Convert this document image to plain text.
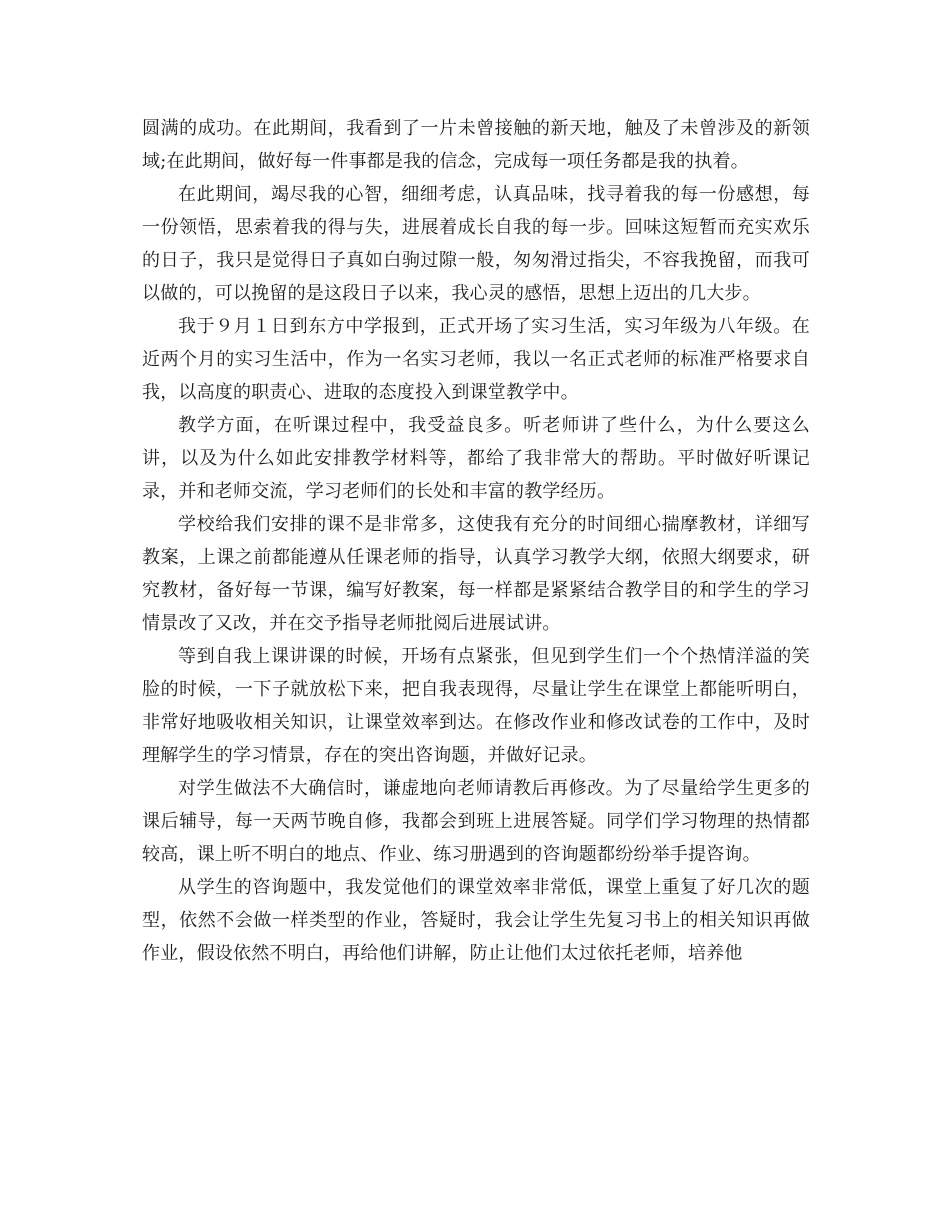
圆满的成功。在此期间，我看到了一片未曾接触的新天地，触及了未曾涉及的新领域;在此期间，做好每一件事都是我的信念，完成每一项任务都是我的执着。

在此期间，竭尽我的心智，细细考虑，认真品味，找寻着我的每一份感想，每一份领悟，思索着我的得与失，进展着成长自我的每一步。回味这短暂而充实欢乐的日子，我只是觉得日子真如白驹过隙一般，匆匆滑过指尖，不容我挽留，而我可以做的，可以挽留的是这段日子以来，我心灵的感悟，思想上迈出的几大步。

我于９月１日到东方中学报到，正式开场了实习生活，实习年级为八年级。在近两个月的实习生活中，作为一名实习老师，我以一名正式老师的标准严格要求自我，以高度的职责心、进取的态度投入到课堂教学中。

教学方面，在听课过程中，我受益良多。听老师讲了些什么，为什么要这么讲，以及为什么如此安排教学材料等，都给了我非常大的帮助。平时做好听课记录，并和老师交流，学习老师们的长处和丰富的教学经历。

学校给我们安排的课不是非常多，这使我有充分的时间细心揣摩教材，详细写教案，上课之前都能遵从任课老师的指导，认真学习教学大纲，依照大纲要求，研究教材，备好每一节课，编写好教案，每一样都是紧紧结合教学目的和学生的学习情景改了又改，并在交予指导老师批阅后进展试讲。

等到自我上课讲课的时候，开场有点紧张，但见到学生们一个个热情洋溢的笑脸的时候，一下子就放松下来，把自我表现得，尽量让学生在课堂上都能听明白，非常好地吸收相关知识，让课堂效率到达。在修改作业和修改试卷的工作中，及时理解学生的学习情景，存在的突出咨询题，并做好记录。

对学生做法不大确信时，谦虚地向老师请教后再修改。为了尽量给学生更多的课后辅导，每一天两节晚自修，我都会到班上进展答疑。同学们学习物理的热情都较高，课上听不明白的地点、作业、练习册遇到的咨询题都纷纷举手提咨询。

从学生的咨询题中，我发觉他们的课堂效率非常低，课堂上重复了好几次的题型，依然不会做一样类型的作业，答疑时，我会让学生先复习书上的相关知识再做作业，假设依然不明白，再给他们讲解，防止让他们太过依托老师，培养他
